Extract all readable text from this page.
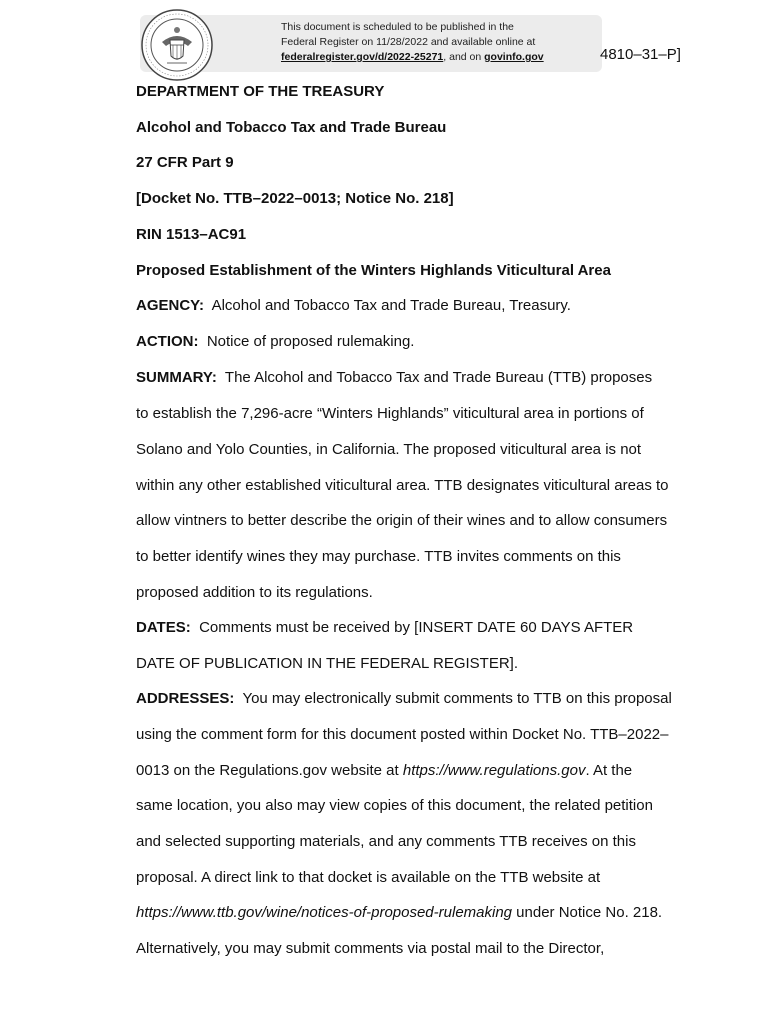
This document is scheduled to be published in the
Federal Register on 11/28/2022 and available online at
federalregister.gov/d/2022-25271, and on govinfo.gov	4810–31–P]
DEPARTMENT OF THE TREASURY
Alcohol and Tobacco Tax and Trade Bureau
27 CFR Part 9
[Docket No. TTB–2022–0013; Notice No. 218]
RIN 1513–AC91
Proposed Establishment of the Winters Highlands Viticultural Area
AGENCY: Alcohol and Tobacco Tax and Trade Bureau, Treasury.
ACTION: Notice of proposed rulemaking.
SUMMARY: The Alcohol and Tobacco Tax and Trade Bureau (TTB) proposes
to establish the 7,296-acre “Winters Highlands” viticultural area in portions of
Solano and Yolo Counties, in California. The proposed viticultural area is not
within any other established viticultural area. TTB designates viticultural areas to
allow vintners to better describe the origin of their wines and to allow consumers
to better identify wines they may purchase. TTB invites comments on this
proposed addition to its regulations.
DATES: Comments must be received by [INSERT DATE 60 DAYS AFTER
DATE OF PUBLICATION IN THE FEDERAL REGISTER].
ADDRESSES: You may electronically submit comments to TTB on this proposal
using the comment form for this document posted within Docket No. TTB–2022–
0013 on the Regulations.gov website at https://www.regulations.gov. At the
same location, you also may view copies of this document, the related petition
and selected supporting materials, and any comments TTB receives on this
proposal. A direct link to that docket is available on the TTB website at
https://www.ttb.gov/wine/notices-of-proposed-rulemaking under Notice No. 218.
Alternatively, you may submit comments via postal mail to the Director,
